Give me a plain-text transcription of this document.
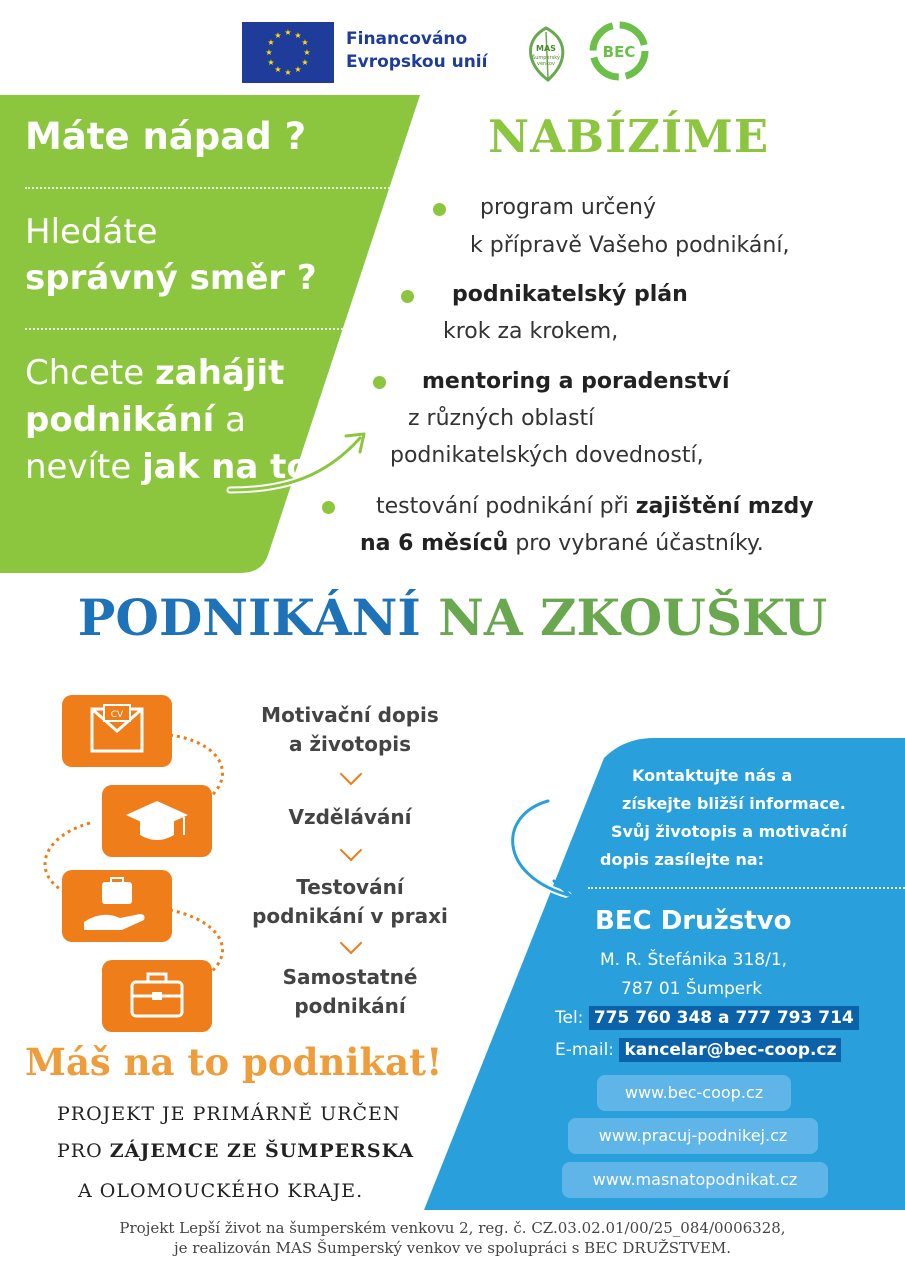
★ ★
★
★
★
★
★
★
★
★
★
★	Financováno
Evropskou unií
MAS
Šumperský
venkov
BEC
Máte nápad ?
Hledáte
správný směr ?
Chcete zahájit podnikání a nevíte jak na to ?
NABÍZÍME
program určený
k přípravě Vašeho podnikání,
podnikatelský plán
krok za krokem,
mentoring a poradenství
z různých oblastí
podnikatelských dovedností,
testování podnikání při zajištění mzdy
na 6 měsíců pro vybrané účastníky.
PODNIKÁNÍ NA ZKOUŠKU
CV	Motivační dopis
a životopis
Vzdělávání
Testování
podnikání v praxi
Samostatné
podnikání
Máš na to podnikat!
PROJEKT JE PRIMÁRNĚ URČEN
PRO ZÁJEMCE ZE ŠUMPERSKA
A OLOMOUCKÉHO KRAJE.
Kontaktujte nás a
získejte bližší informace.
Svůj životopis a motivační
dopis zasílejte na:
BEC Družstvo
M. R. Štefánika 318/1,
787 01 Šumperk
Tel: 775 760 348 a 777 793 714
E-mail: kancelar@bec-coop.cz
www.bec-coop.cz
www.pracuj-podnikej.cz
www.masnatopodnikat.cz
Projekt Lepší život na šumperském venkovu 2, reg. č. CZ.03.02.01/00/25_084/0006328,
je realizován MAS Šumperský venkov ve spolupráci s BEC DRUŽSTVEM.
